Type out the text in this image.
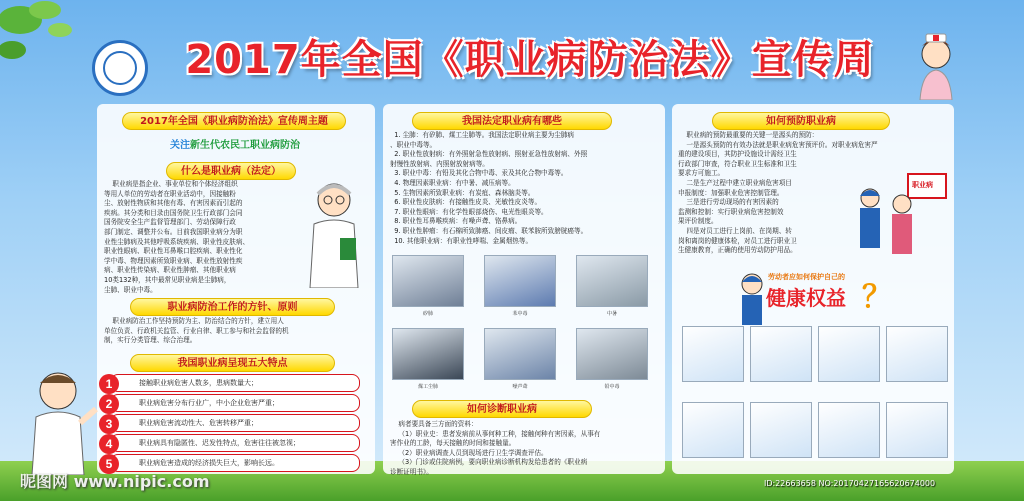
2017年全国《职业病防治法》宣传周
2017年全国《职业病防治法》宣传周主题
关注新生代农民工职业病防治
什么是职业病（法定）
职业病是指企业、事业单位和个体经济组织
等用人单位的劳动者在职业活动中，因接触粉
尘、放射性物质和其他有毒、有害因素而引起的
疾病。其分类和目录由国务院卫生行政部门会同
国务院安全生产监督管理部门、劳动保障行政
部门制定、调整并公布。目前我国职业病分为职
业性尘肺病及其他呼吸系统疾病、职业性皮肤病、
职业性眼病、职业性耳鼻喉口腔疾病、职业性化
学中毒、物理因素所致职业病、职业性放射性疾
病、职业性传染病、职业性肿瘤、其他职业病
10类132种，其中最常见职业病是尘肺病，
尘肺、职业中毒。
职业病防治工作的方针、原则
职业病防治工作坚持预防为主、防治结合的方针，建立用人
单位负责、行政机关监管、行业自律、职工参与和社会监督的机
制，实行分类管理、综合治理。
我国职业病呈现五大特点
1	接触职业病危害人数多，患病数量大；
2	职业病危害分布行业广，中小企业危害严重；
3	职业病危害流动性大、危害转移严重；
4	职业病具有隐匿性、迟发性特点，危害往往被忽视；
5	职业病危害造成的经济损失巨大，影响长远。
我国法定职业病有哪些
1. 尘肺：有矽肺、煤工尘肺等。我国法定职业病主要为尘肺病
、职业中毒等。
2. 职业性放射病：有外照射急性放射病、照射亚急性放射病、外照
射慢性放射病、内照射放射病等。
3. 职业中毒：有铅及其化合物中毒、汞及其化合物中毒等。
4. 物理因素职业病：有中暑、减压病等。
5. 生物因素所致职业病：有炭疽、森林脑炎等。
6. 职业性皮肤病：有接触性皮炎、光敏性皮炎等。
7. 职业性眼病：有化学性眼部烧伤、电光性眼炎等。
8. 职业性耳鼻喉疾病：有噪声聋、铬鼻病。
9. 职业性肿瘤：有石棉所致肺癌、间皮瘤、联苯胺所致膀胱癌等。
10. 其他职业病：有职业性哮喘、金属烟热等。
矽肺	苯中毒	中暑
煤工尘肺	噪声聋	铅中毒
如何诊断职业病
病者要具备三方面的资料：
（1）职业史：患者发病前从事何种工种，接触何种有害因素，从事有
害作业的工龄，每天接触的时间和接触量。
（2）职业病调查人员到现场进行卫生学调查评估。
（3）门诊或住院病例，要向职业病诊断机构发给患者的《职业病
诊断证明书》。
如何预防职业病
职业病的预防最重要的关键一是源头的预防：
一是源头预防的有效办法就是职业病危害预评价。对职业病危害严
重的建设项目，其防护设施设计需经卫生
行政部门审查，符合职业卫生标准和卫生
要求方可施工。
二是生产过程中建立职业病危害项目
申报制度：加强职业危害控制管理。
三是进行劳动现场的有害因素的
监测和控制：实行职业病危害控制效
果评价制度。
四是对员工进行上岗前、在岗期、转
岗和离岗的健康体检，对员工进行职业卫
生健康教育，正确的使用劳动防护用品。
职业病
劳动者应如何保护自己的
健康权益 ？
昵图网 www.nipic.com	ID:22663658 NO:20170427165620674000
